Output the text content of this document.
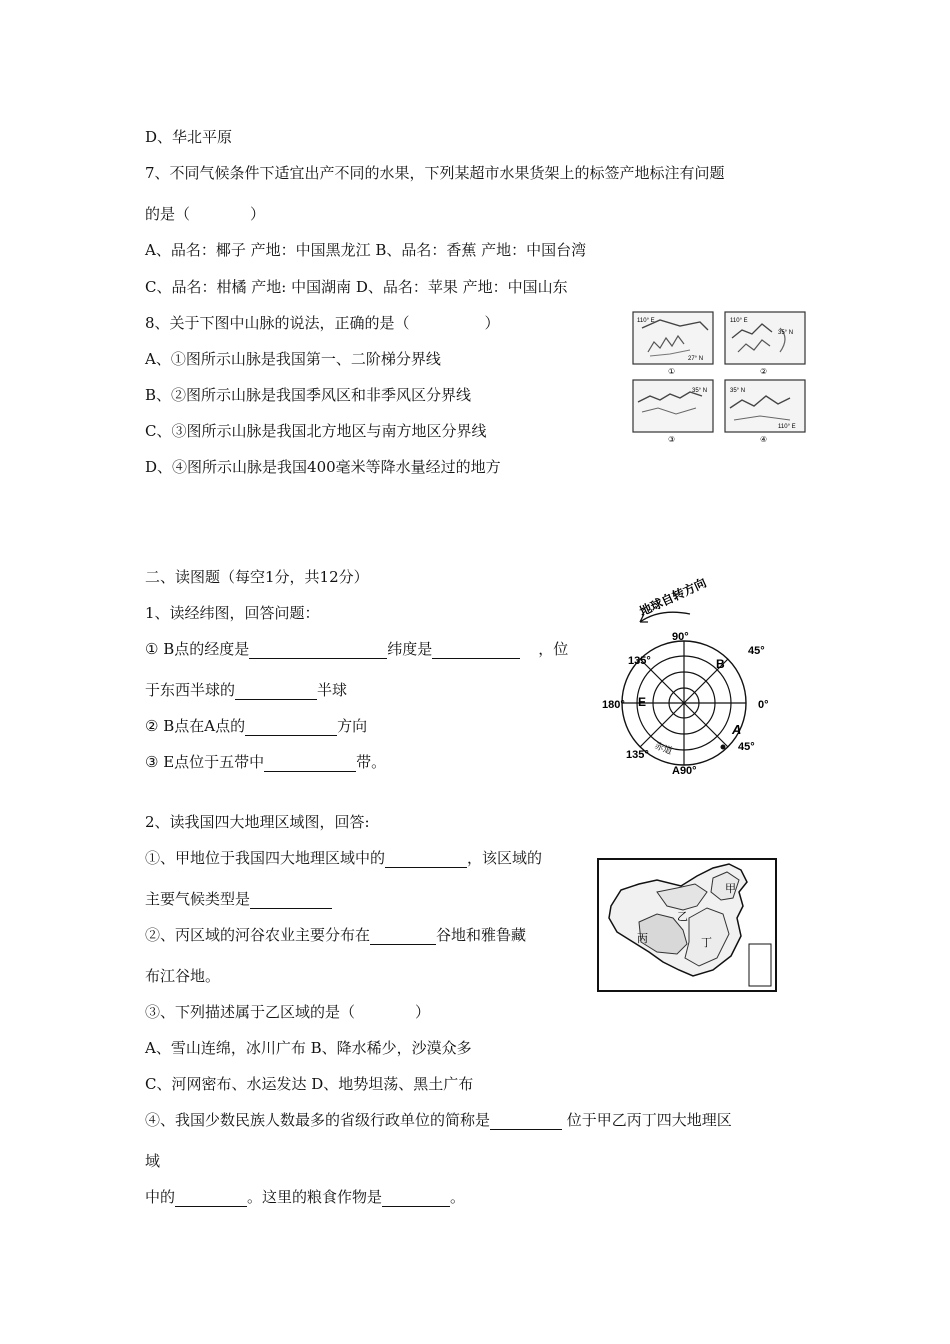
D、华北平原
7、不同气候条件下适宜出产不同的水果，下列某超市水果货架上的标签产地标注有问题
的是（　　　　）
A、品名：椰子 产地：中国黑龙江 B、品名：香蕉 产地：中国台湾
C、品名：柑橘 产地: 中国湖南 D、品名：苹果 产地：中国山东
8、关于下图中山脉的说法，正确的是（　　　　　）
A、①图所示山脉是我国第一、二阶梯分界线
B、②图所示山脉是我国季风区和非季风区分界线
C、③图所示山脉是我国北方地区与南方地区分界线
D、④图所示山脉是我国400毫米等降水量经过的地方
110° E
27° N
①
110° E
35° N
②
35° N
③
35° N
110° E
④
二、读图题（每空1分，共12分）
1、读经纬图，回答问题：
① B点的经度是	纬度是	，位
于东西半球的	半球
② B点在A点的	方向
③ E点位于五带中	带。
地球自转方向
90°
45°
135°
0°
180°
45°
135°
A90°
B
E
A
赤道
2、读我国四大地理区域图，回答:
①、甲地位于我国四大地理区域中的	，该区域的
主要气候类型是
②、丙区域的河谷农业主要分布在	谷地和雅鲁藏
布江谷地。
③、下列描述属于乙区域的是（　　　　）
A、雪山连绵，冰川广布 B、降水稀少，沙漠众多
C、河网密布、水运发达 D、地势坦荡、黑土广布
④、我国少数民族人数最多的省级行政单位的简称是	位于甲乙丙丁四大地理区
域
中的	。这里的粮食作物是	。
甲
乙
丙	丁
